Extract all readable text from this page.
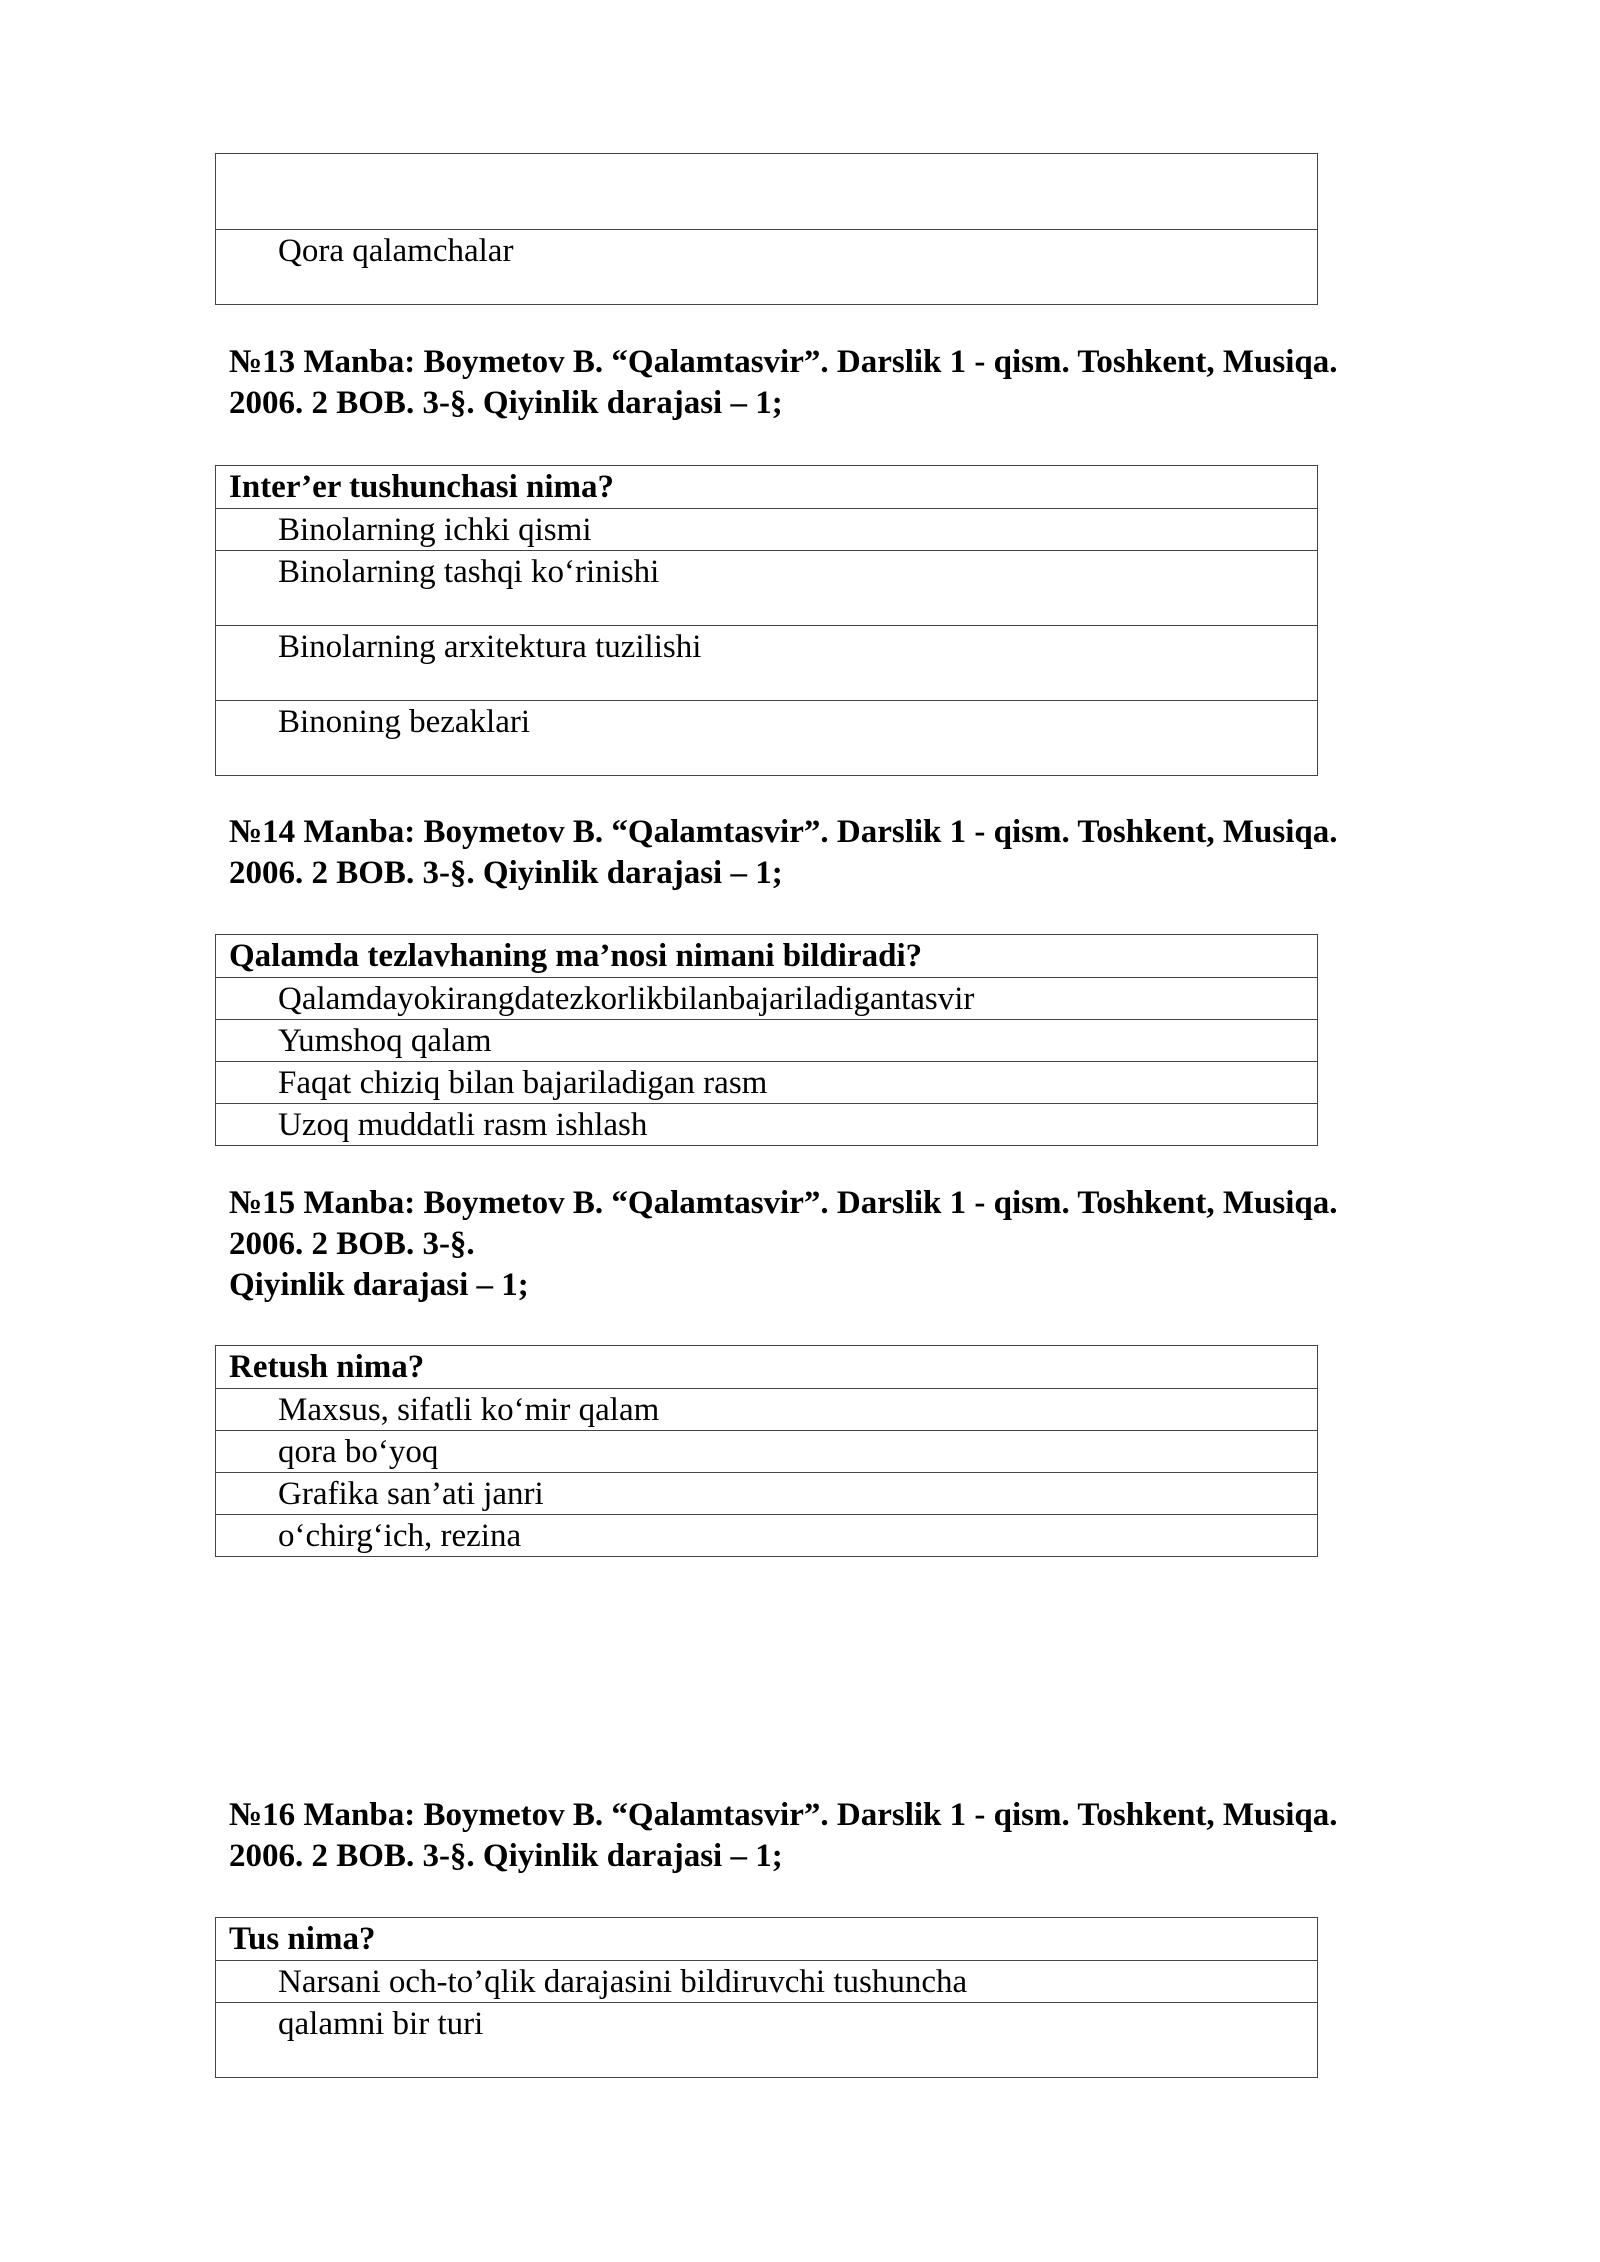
Qora qalamchalar
№13 Manba: Boymetov B. “Qalamtasvir”. Darslik 1 - qism. Toshkent, Musiqa.
2006. 2 BOB. 3-§. Qiyinlik darajasi – 1;
Inter’er tushunchasi nima?
Binolarning ichki qismi
Binolarning tashqi ko‘rinishi
Binolarning arxitektura tuzilishi
Binoning bezaklari
№14 Manba: Boymetov B. “Qalamtasvir”. Darslik 1 - qism. Toshkent, Musiqa.
2006. 2 BOB. 3-§. Qiyinlik darajasi – 1;
Qalamda tezlavhaning ma’nosi nimani bildiradi?
Qalamdayokirangdatezkorlikbilanbajariladigantasvir
Yumshoq qalam
Faqat chiziq bilan bajariladigan rasm
Uzoq muddatli rasm ishlash
№15 Manba: Boymetov B. “Qalamtasvir”. Darslik 1 - qism. Toshkent, Musiqa.
2006. 2 BOB. 3-§.
Qiyinlik darajasi – 1;
Retush nima?
Maxsus, sifatli ko‘mir qalam
qora bo‘yoq
Grafika san’ati janri
o‘chirg‘ich, rezina
№16 Manba: Boymetov B. “Qalamtasvir”. Darslik 1 - qism. Toshkent, Musiqa.
2006. 2 BOB. 3-§. Qiyinlik darajasi – 1;
Tus nima?
Narsani och-to’qlik darajasini bildiruvchi tushuncha
qalamni bir turi
